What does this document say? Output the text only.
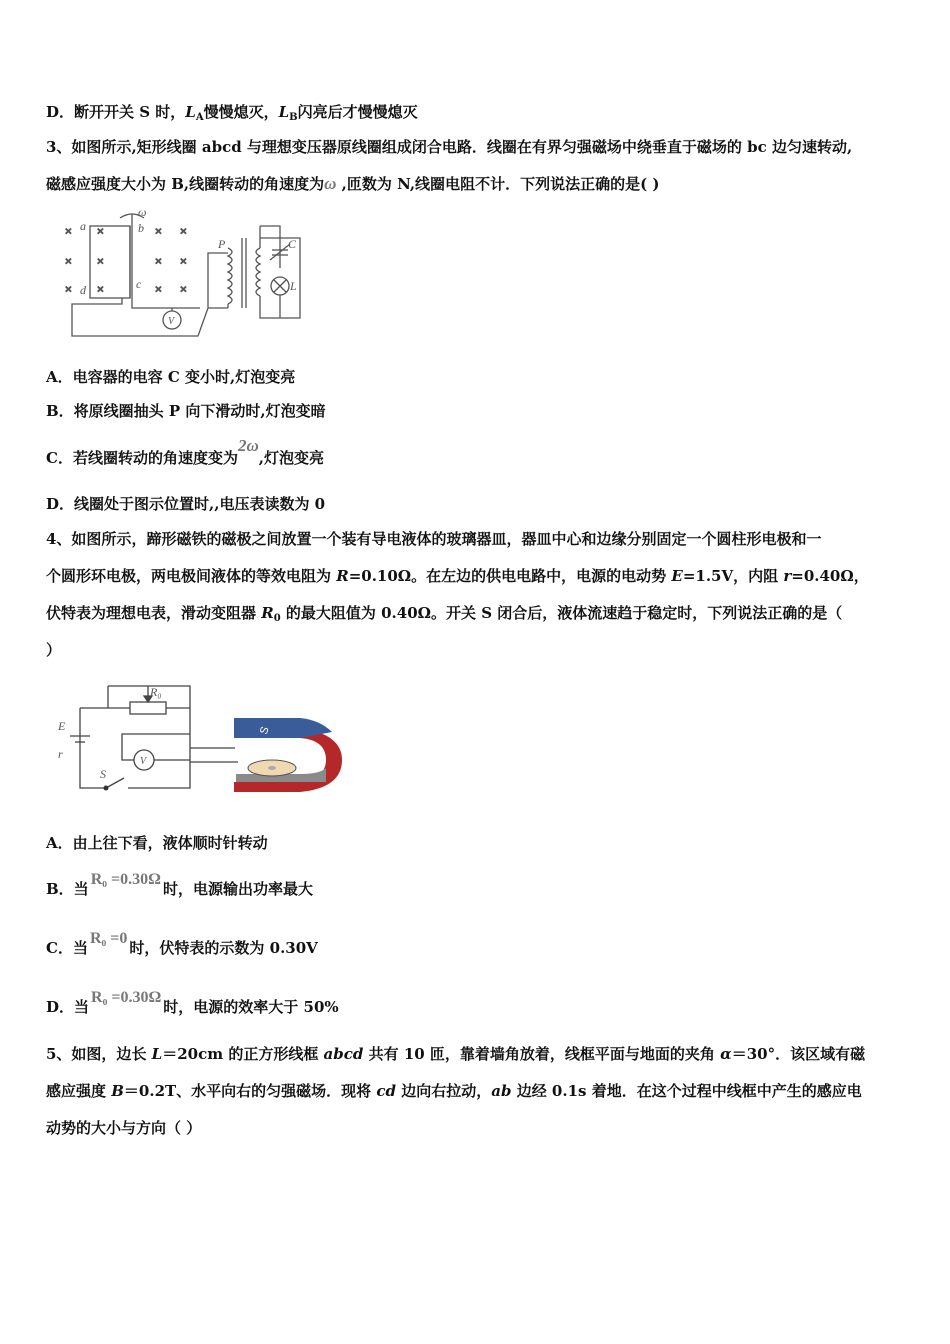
D．断开开关 S 时，$L_A$慢慢熄灭，$L_B$闪亮后才慢慢熄灭
3、如图所示,矩形线圈 abcd 与理想变压器原线圈组成闭合电路．线圈在有界匀强磁场中绕垂直于磁场的 bc 边匀速转动,
磁感应强度大小为 B,线圈转动的角速度为ω ,匝数为 N,线圈电阻不计．下列说法正确的是( )
×
×
×
×
×
×
×
×
×
×
×
×
a	b
c
d
ω
P	C
L
V
A．电容器的电容 C 变小时,灯泡变亮
B．将原线圈抽头 P 向下滑动时,灯泡变暗
C．若线圈转动的角速度变为2ω,灯泡变亮
D．线圈处于图示位置时,,电压表读数为 0
4、如图所示，蹄形磁铁的磁极之间放置一个装有导电液体的玻璃器皿，器皿中心和边缘分别固定一个圆柱形电极和一
个圆形环电极，两电极间液体的等效电阻为 R=0.10Ω。在左边的供电电路中，电源的电动势 E=1.5V，内阻 r=0.40Ω，
伏特表为理想电表，滑动变阻器 $R_0$ 的最大阻值为 0.40Ω。开关 S 闭合后，液体流速趋于稳定时，下列说法正确的是（
）
R₀
E
r
S
V
S
A．由上往下看，液体顺时针转动
B．当R₀ =0.30Ω时，电源输出功率最大
C．当R₀ =0时，伏特表的示数为 0.30V
D．当R₀ =0.30Ω时，电源的效率大于 50%
5、如图，边长 L＝20cm 的正方形线框 abcd 共有 10 匝，靠着墙角放着，线框平面与地面的夹角 α＝30°．该区域有磁
感应强度 B＝0.2T、水平向右的匀强磁场．现将 cd 边向右拉动，ab 边经 0.1s 着地．在这个过程中线框中产生的感应电
动势的大小与方向（ ）
